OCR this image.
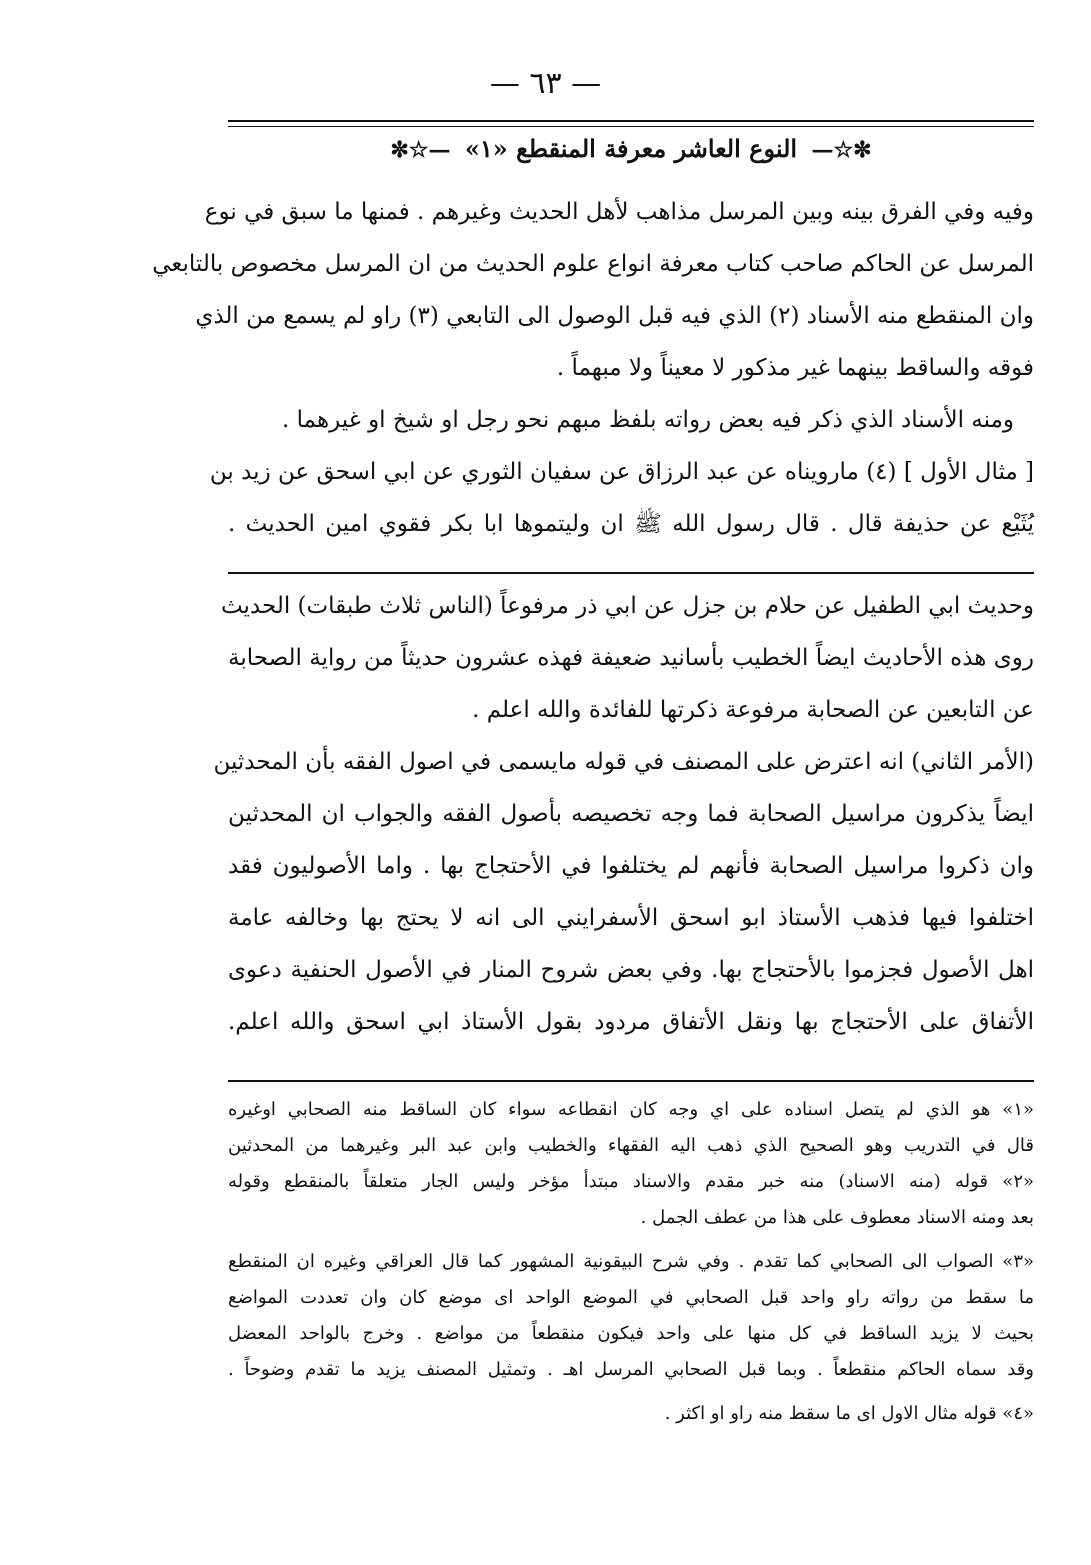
— ٦٣ —
✼☆— النوع العاشر معرفة المنقطع «١» —☆✼
وفيه وفي الفرق بينه وبين المرسل مذاهب لأهل الحديث وغيرهم . فمنها ما سبق في نوع
المرسل عن الحاكم صاحب كتاب معرفة انواع علوم الحديث من ان المرسل مخصوص بالتابعي
وان المنقطع منه الأسناد (٢) الذي فيه قبل الوصول الى التابعي (٣) راو لم يسمع من الذي
فوقه والساقط بينهما غير مذكور لا معيناً ولا مبهماً .
ومنه الأسناد الذي ذكر فيه بعض رواته بلفظ مبهم نحو رجل او شيخ او غيرهما .
[ مثال الأول ] (٤) مارويناه عن عبد الرزاق عن سفيان الثوري عن ابي اسحق عن زيد بن
يُثَيْع عن حذيفة قال . قال رسول الله ﷺ ان وليتموها ابا بكر فقوي امين الحديث .
وحديث ابي الطفيل عن حلام بن جزل عن ابي ذر مرفوعاً (الناس ثلاث طبقات) الحديث
روى هذه الأحاديث ايضاً الخطيب بأسانيد ضعيفة فهذه عشرون حديثاً من رواية الصحابة
عن التابعين عن الصحابة مرفوعة ذكرتها للفائدة والله اعلم .
(الأمر الثاني) انه اعترض على المصنف في قوله مايسمى في اصول الفقه بأن المحدثين
ايضاً يذكرون مراسيل الصحابة فما وجه تخصيصه بأصول الفقه والجواب ان المحدثين
وان ذكروا مراسيل الصحابة فأنهم لم يختلفوا في الأحتجاج بها . واما الأصوليون فقد
اختلفوا فيها فذهب الأستاذ ابو اسحق الأسفرايني الى انه لا يحتج بها وخالفه عامة
اهل الأصول فجزموا بالأحتجاج بها. وفي بعض شروح المنار في الأصول الحنفية دعوى
الأتفاق على الأحتجاج بها ونقل الأتفاق مردود بقول الأستاذ ابي اسحق والله اعلم.
«١» هو الذي لم يتصل اسناده على اي وجه كان انقطاعه سواء كان الساقط منه الصحابي اوغيره
قال في التدريب وهو الصحيح الذي ذهب اليه الفقهاء والخطيب وابن عبد البر وغيرهما من المحدثين
«٢» قوله (منه الاسناد) منه خبر مقدم والاسناد مبتدأ مؤخر وليس الجار متعلقاً بالمنقطع وقوله
بعد ومنه الاسناد معطوف على هذا من عطف الجمل .
«٣» الصواب الى الصحابي كما تقدم . وفي شرح البيقونية المشهور كما قال العراقي وغيره ان المنقطع
ما سقط من رواته راو واحد قبل الصحابي في الموضع الواحد اى موضع كان وان تعددت المواضع
بحيث لا يزيد الساقط في كل منها على واحد فيكون منقطعاً من مواضع . وخرج بالواحد المعضل
وقد سماه الحاكم منقطعاً . وبما قبل الصحابي المرسل اهـ . وتمثيل المصنف يزيد ما تقدم وضوحاً .
«٤» قوله مثال الاول اى ما سقط منه راو او اكثر .
